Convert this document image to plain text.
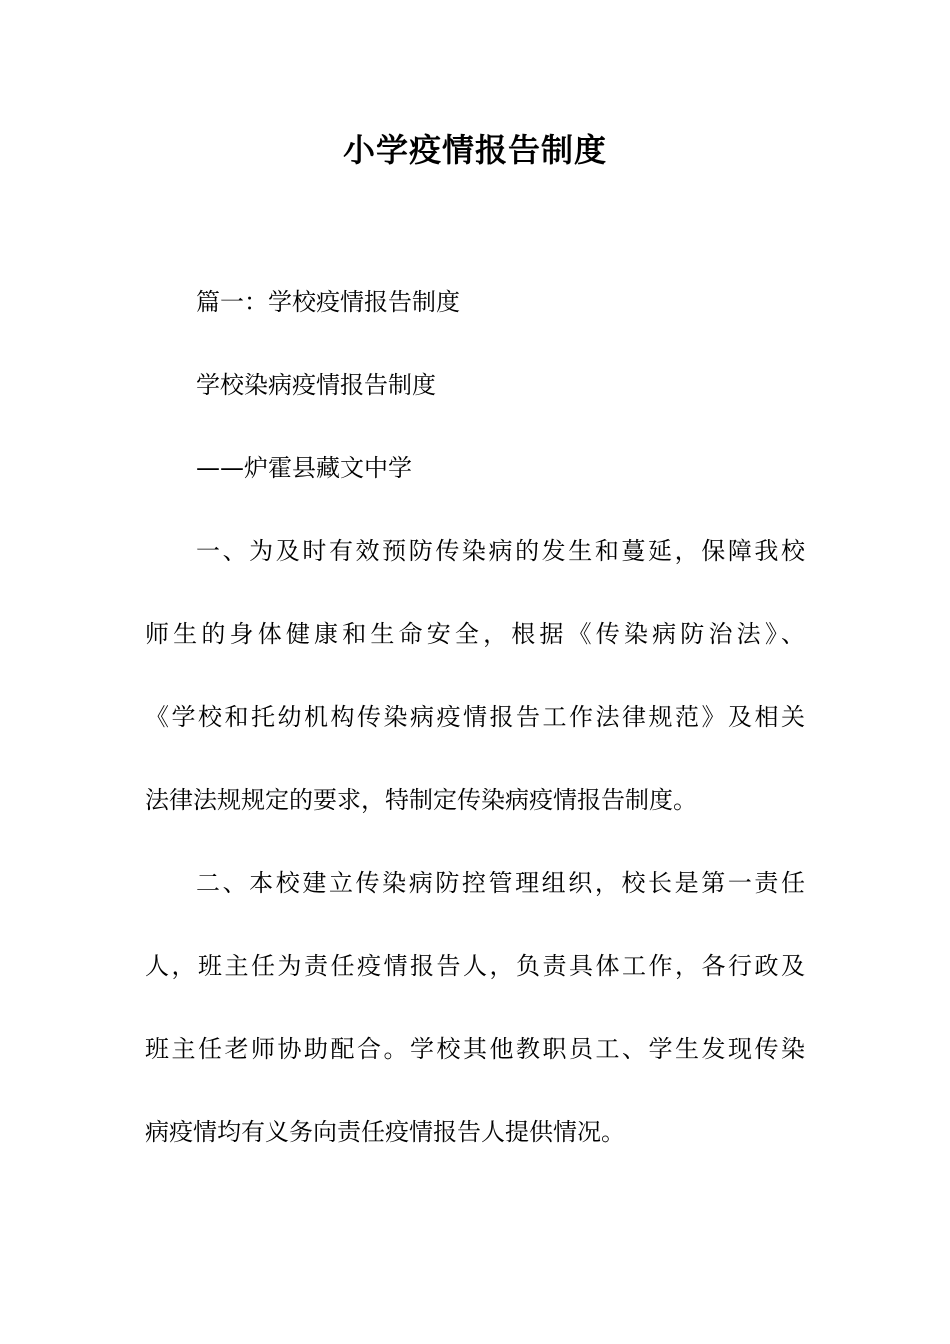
小学疫情报告制度
篇一：学校疫情报告制度
学校染病疫情报告制度
——炉霍县藏文中学
一、为及时有效预防传染病的发生和蔓延，保障我校
师生的身体健康和生命安全，根据《传染病防治法》、
《学校和托幼机构传染病疫情报告工作法律规范》及相关
法律法规规定的要求，特制定传染病疫情报告制度。
二、本校建立传染病防控管理组织，校长是第一责任
人，班主任为责任疫情报告人，负责具体工作，各行政及
班主任老师协助配合。学校其他教职员工、学生发现传染
病疫情均有义务向责任疫情报告人提供情况。
